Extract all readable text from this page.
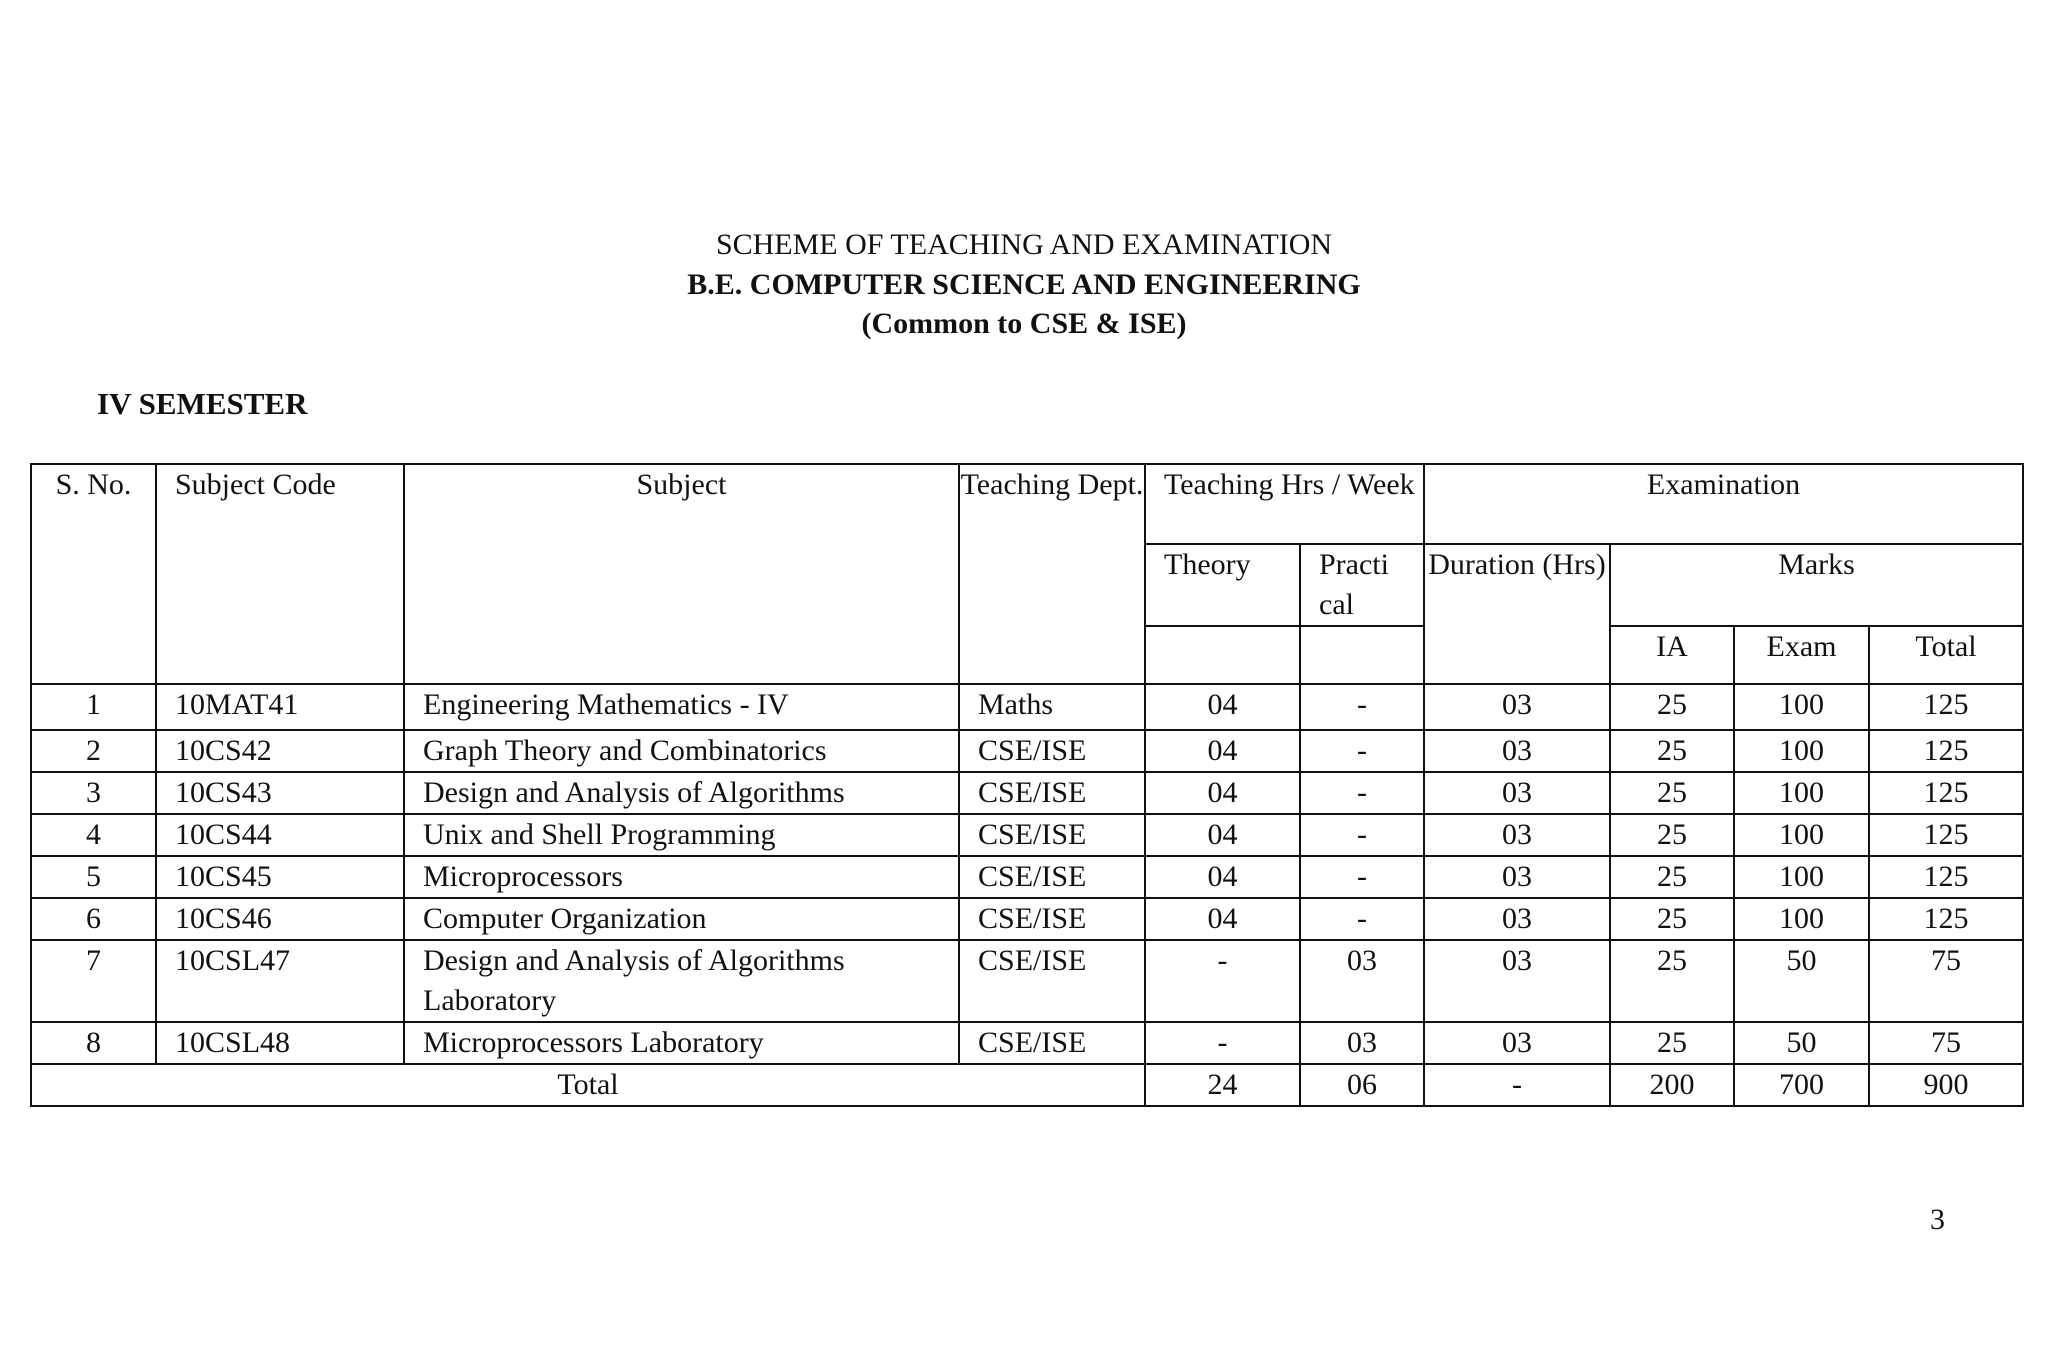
SCHEME OF TEACHING AND EXAMINATION
B.E. COMPUTER SCIENCE AND ENGINEERING
(Common to CSE & ISE)
IV SEMESTER
S. No.	Subject Code	Subject	Teaching Dept.	Teaching Hrs / Week		Examination			
				Theory	Practi cal	Duration (Hrs)	Marks		
							IA	Exam	Total
1	10MAT41	Engineering Mathematics - IV	Maths	04	-	03	25	100	125
2	10CS42	Graph Theory and Combinatorics	CSE/ISE	04	-	03	25	100	125
3	10CS43	Design and Analysis of Algorithms	CSE/ISE	04	-	03	25	100	125
4	10CS44	Unix and Shell Programming	CSE/ISE	04	-	03	25	100	125
5	10CS45	Microprocessors	CSE/ISE	04	-	03	25	100	125
6	10CS46	Computer Organization	CSE/ISE	04	-	03	25	100	125
7	10CSL47	Design and Analysis of Algorithms Laboratory	CSE/ISE	-	03	03	25	50	75
8	10CSL48	Microprocessors Laboratory	CSE/ISE	-	03	03	25	50	75
Total				24	06	-	200	700	900
3
